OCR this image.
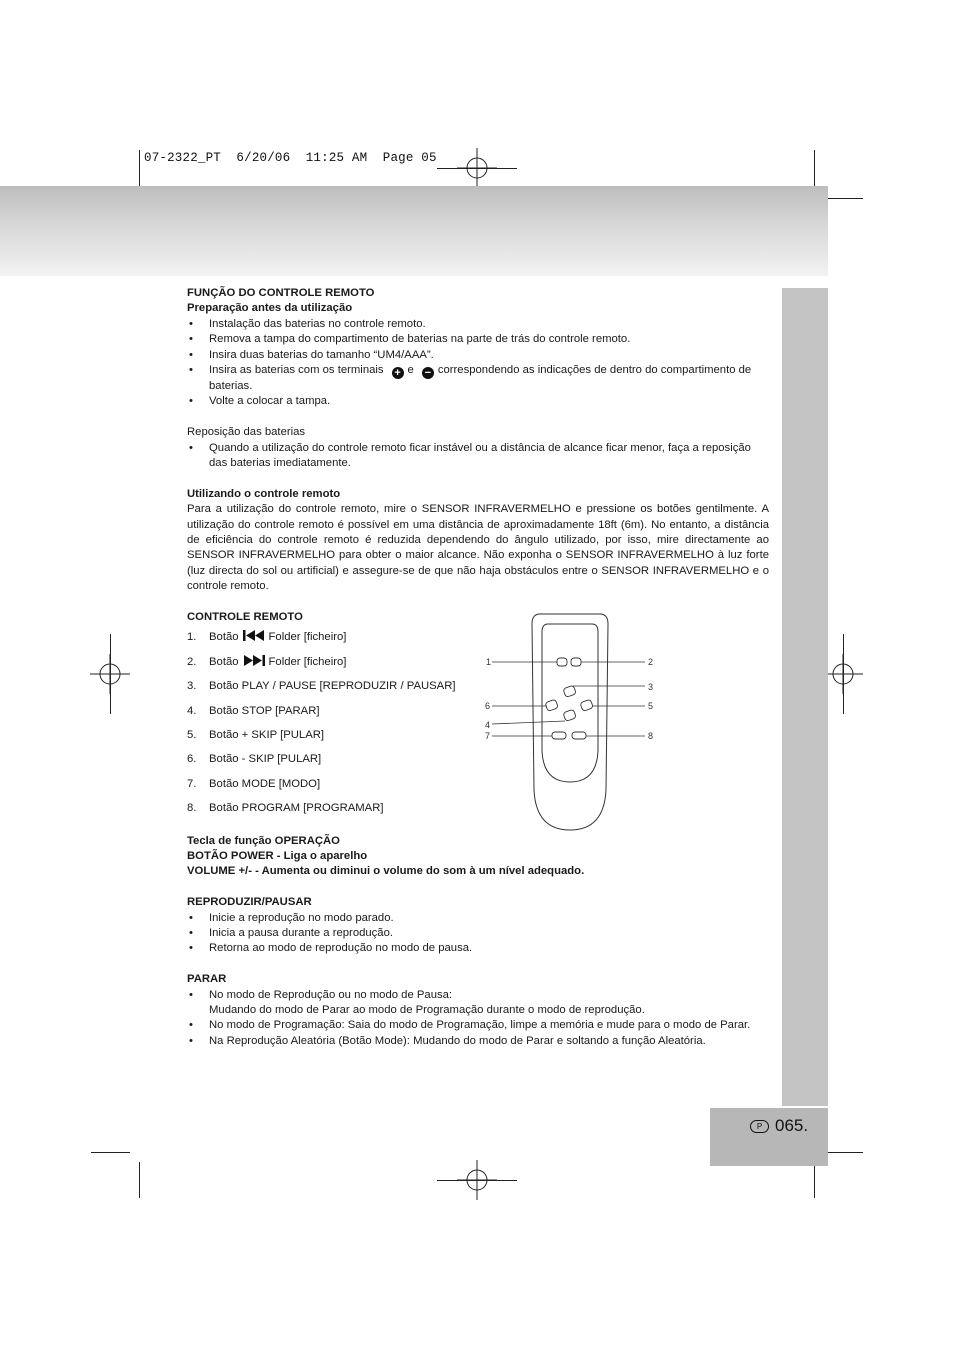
07-2322_PT  6/20/06  11:25 AM  Page 05
P 065.
FUNÇÃO DO CONTROLE REMOTO
Preparação antes da utilização
• Instalação das baterias no controle remoto.
• Remova a tampa do compartimento de baterias na parte de trás do controle remoto.
• Insira duas baterias do tamanho “UM4/AAA”.
• Insira as baterias com os terminais + e − correspondendo as indicações de dentro do compartimento de baterias.
• Volte a colocar a tampa.
Reposição das baterias
• Quando a utilização do controle remoto ficar instável ou a distância de alcance ficar menor, faça a reposição das baterias imediatamente.
Utilizando o controle remoto
Para a utilização do controle remoto, mire o SENSOR INFRAVERMELHO e pressione os botões gentilmente. A utilização do controle remoto é possível em uma distância de aproximadamente 18ft (6m). No entanto, a distância de eficiência do controle remoto é reduzida dependendo do ângulo utilizado, por isso, mire directamente ao SENSOR INFRAVERMELHO para obter o maior alcance. Não exponha o SENSOR INFRAVERMELHO à luz forte (luz directa do sol ou artificial) e assegure-se de que não haja obstáculos entre o SENSOR INFRAVERMELHO e o controle remoto.
CONTROLE REMOTO
1.	Botão	Folder [ficheiro]
2.	Botão	Folder [ficheiro]
3.	Botão PLAY / PAUSE [REPRODUZIR / PAUSAR]
4.	Botão STOP [PARAR]
5.	Botão + SKIP [PULAR]
6.	Botão - SKIP [PULAR]
7.	Botão MODE [MODO]
8.	Botão PROGRAM [PROGRAMAR]
Tecla de função OPERAÇÃO
BOTÃO POWER - Liga o aparelho
VOLUME +/- - Aumenta ou diminui o volume do som à um nível adequado.
REPRODUZIR/PAUSAR
• Inicie a reprodução no modo parado.
• Inicia a pausa durante a reprodução.
• Retorna ao modo de reprodução no modo de pausa.
PARAR
• No modo de Reprodução ou no modo de Pausa:
Mudando do modo de Parar ao modo de Programação durante o modo de reprodução.
• No modo de Programação: Saia do modo de Programação, limpe a memória e mude para o modo de Parar.
• Na Reprodução Aleatória (Botão Mode): Mudando do modo de Parar e soltando a função Aleatória.
1	2
3
4
5
6
7	8
